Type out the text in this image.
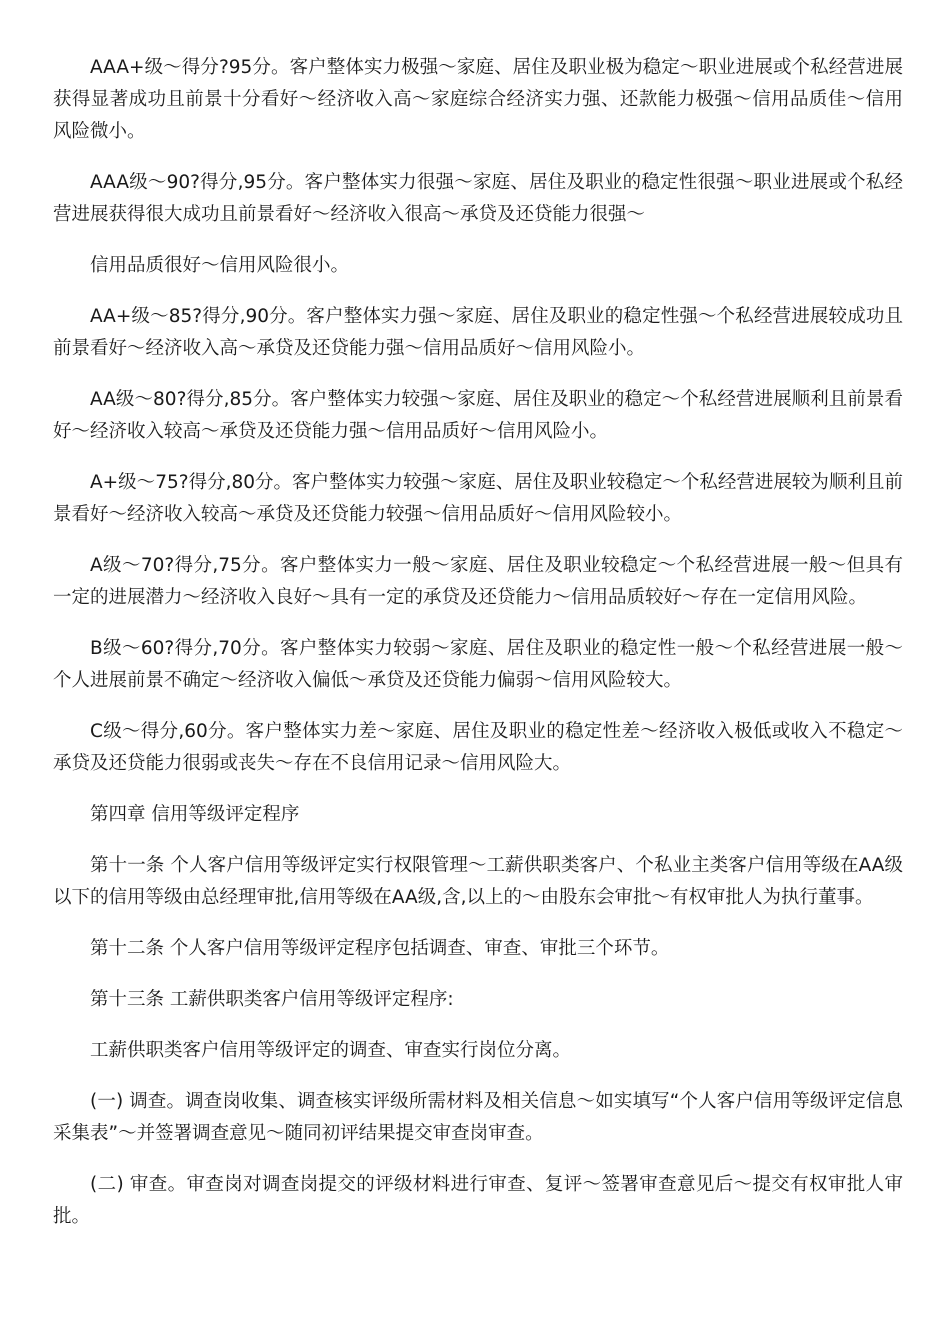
AAA+级～得分?95分。客户整体实力极强～家庭、居住及职业极为稳定～职业进展或个私经营进展获得显著成功且前景十分看好～经济收入高～家庭综合经济实力强、还款能力极强～信用品质佳～信用风险微小。

AAA级～90?得分,95分。客户整体实力很强～家庭、居住及职业的稳定性很强～职业进展或个私经营进展获得很大成功且前景看好～经济收入很高～承贷及还贷能力很强～

信用品质很好～信用风险很小。

AA+级～85?得分,90分。客户整体实力强～家庭、居住及职业的稳定性强～个私经营进展较成功且前景看好～经济收入高～承贷及还贷能力强～信用品质好～信用风险小。

AA级～80?得分,85分。客户整体实力较强～家庭、居住及职业的稳定～个私经营进展顺利且前景看好～经济收入较高～承贷及还贷能力强～信用品质好～信用风险小。

A+级～75?得分,80分。客户整体实力较强～家庭、居住及职业较稳定～个私经营进展较为顺利且前景看好～经济收入较高～承贷及还贷能力较强～信用品质好～信用风险较小。

A级～70?得分,75分。客户整体实力一般～家庭、居住及职业较稳定～个私经营进展一般～但具有一定的进展潜力～经济收入良好～具有一定的承贷及还贷能力～信用品质较好～存在一定信用风险。

B级～60?得分,70分。客户整体实力较弱～家庭、居住及职业的稳定性一般～个私经营进展一般～个人进展前景不确定～经济收入偏低～承贷及还贷能力偏弱～信用风险较大。

C级～得分,60分。客户整体实力差～家庭、居住及职业的稳定性差～经济收入极低或收入不稳定～承贷及还贷能力很弱或丧失～存在不良信用记录～信用风险大。

第四章 信用等级评定程序

第十一条 个人客户信用等级评定实行权限管理～工薪供职类客户、个私业主类客户信用等级在AA级以下的信用等级由总经理审批,信用等级在AA级,含,以上的～由股东会审批～有权审批人为执行董事。

第十二条 个人客户信用等级评定程序包括调查、审查、审批三个环节。

第十三条 工薪供职类客户信用等级评定程序:

工薪供职类客户信用等级评定的调查、审查实行岗位分离。

(一) 调查。调查岗收集、调查核实评级所需材料及相关信息～如实填写“个人客户信用等级评定信息采集表”～并签署调查意见～随同初评结果提交审查岗审查。

(二) 审查。审查岗对调查岗提交的评级材料进行审查、复评～签署审查意见后～提交有权审批人审批。
